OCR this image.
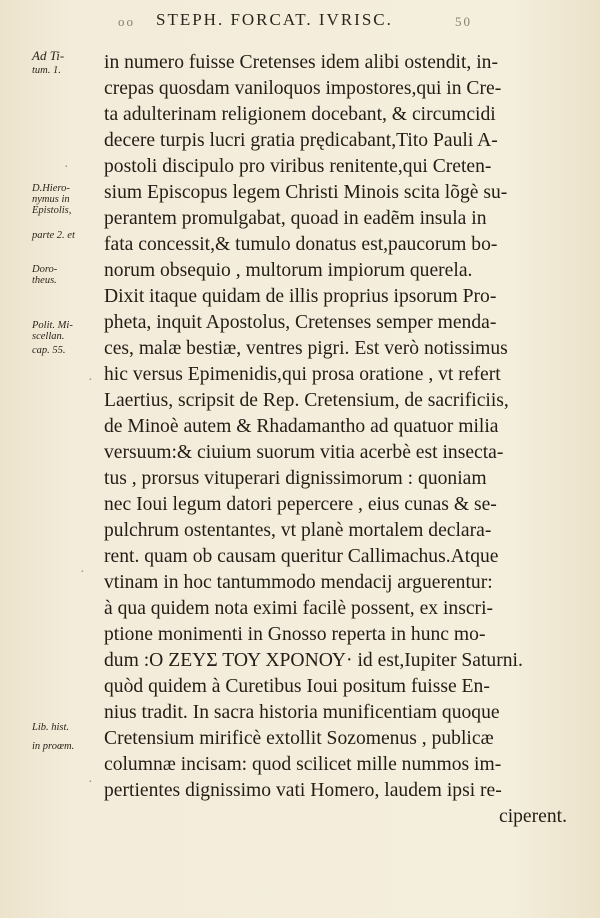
oo STEPH. FORCAT. IVRISC.	50
Ad Ti-
tum. 1.
D.Hiero-
nymus in
Epistolis,
parte 2. et
Doro-
theus.
Polit. Mi-
scellan.
cap. 55.
Lib. hist.
in proœm.
·
·
·
·
in numero fuisse Cretenses idem alibi ostendit, in-
crepas quosdam vaniloquos impostores,qui in Cre-
ta adulterinam religionem docebant, & circumcidi
decere turpis lucri gratia prędicabant,Tito Pauli A-
postoli discipulo pro viribus renitente,qui Creten-
sium Episcopus legem Christi Minois scita lõgè su-
perantem promulgabat, quoad in eadẽm insula in
fata concessit,& tumulo donatus est,paucorum bo-
norum obsequio , multorum impiorum querela.
Dixit itaque quidam de illis proprius ipsorum Pro-
pheta, inquit Apostolus, Cretenses semper menda-
ces, malæ bestiæ, ventres pigri. Est verò notissimus
hic versus Epimenidis,qui prosa oratione , vt refert
Laertius, scripsit de Rep. Cretensium, de sacrificiis,
de Minoè autem & Rhadamantho ad quatuor milia
versuum:& ciuium suorum vitia acerbè est insecta-
tus , prorsus vituperari dignissimorum : quoniam
nec Ioui legum datori pepercere , eius cunas & se-
pulchrum ostentantes, vt planè mortalem declara-
rent. quam ob causam queritur Callimachus.Atque
vtinam in hoc tantummodo mendacij arguerentur:
à qua quidem nota eximi facilè possent, ex inscri-
ptione monimenti in Gnosso reperta in hunc mo-
dum :Ο ΖΕΥΣ ΤΟΥ ΧΡΟΝΟΥ· id est,Iupiter Saturni.
quòd quidem à Curetibus Ioui positum fuisse En-
nius tradit. In sacra historia munificentiam quoque
Cretensium mirificè extollit Sozomenus , publicæ
columnæ incisam: quod scilicet mille nummos im-
pertientes dignissimo vati Homero, laudem ipsi re-
ciperent.
